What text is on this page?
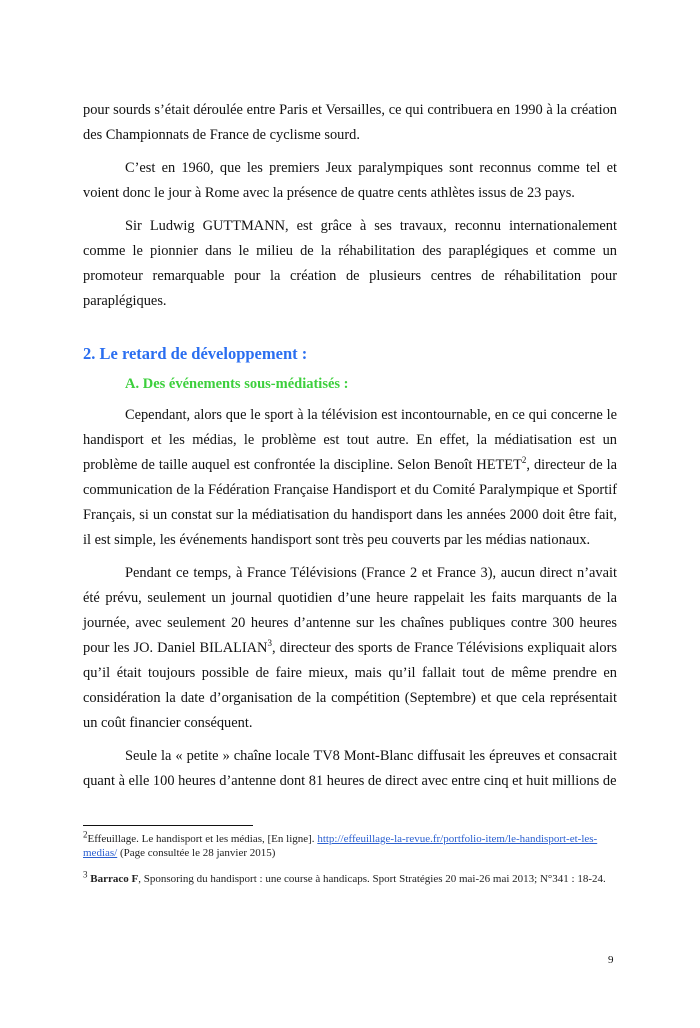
pour sourds s’était déroulée entre Paris et Versailles, ce qui contribuera en 1990 à la création des Championnats de France de cyclisme sourd.

C’est en 1960, que les premiers Jeux paralympiques sont reconnus comme tel et voient donc le jour à Rome avec la présence de quatre cents athlètes issus de 23 pays.

Sir Ludwig GUTTMANN, est grâce à ses travaux, reconnu internationalement comme le pionnier dans le milieu de la réhabilitation des paraplégiques et comme un promoteur remarquable pour la création de plusieurs centres de réhabilitation pour paraplégiques.

2. Le retard de développement :
A. Des événements sous-médiatisés :

Cependant, alors que le sport à la télévision est incontournable, en ce qui concerne le handisport et les médias, le problème est tout autre. En effet, la médiatisation est un problème de taille auquel est confrontée la discipline. Selon Benoît HETET$^2$, directeur de la communication de la Fédération Française Handisport et du Comité Paralympique et Sportif Français, si un constat sur la médiatisation du handisport dans les années 2000 doit être fait, il est simple, les événements handisport sont très peu couverts par les médias nationaux.

Pendant ce temps, à France Télévisions (France 2 et France 3), aucun direct n’avait été prévu, seulement un journal quotidien d’une heure rappelait les faits marquants de la journée, avec seulement 20 heures d’antenne sur les chaînes publiques contre 300 heures pour les JO. Daniel BILALIAN$^3$, directeur des sports de France Télévisions expliquait alors qu’il était toujours possible de faire mieux, mais qu’il fallait tout de même prendre en considération la date d’organisation de la compétition (Septembre) et que cela représentait un coût financier conséquent.

Seule la « petite » chaîne locale TV8 Mont-Blanc diffusait les épreuves et consacrait quant à elle 100 heures d’antenne dont 81 heures de direct avec entre cinq et huit millions de

$^2$Effeuillage. Le handisport et les médias, [En ligne]. http://effeuillage-la-revue.fr/portfolio-item/le-handisport-et-les-medias/ (Page consultée le 28 janvier 2015)
$^3$ Barraco F, Sponsoring du handisport : une course à handicaps. Sport Stratégies 20 mai-26 mai 2013; N°341 : 18-24.
9
